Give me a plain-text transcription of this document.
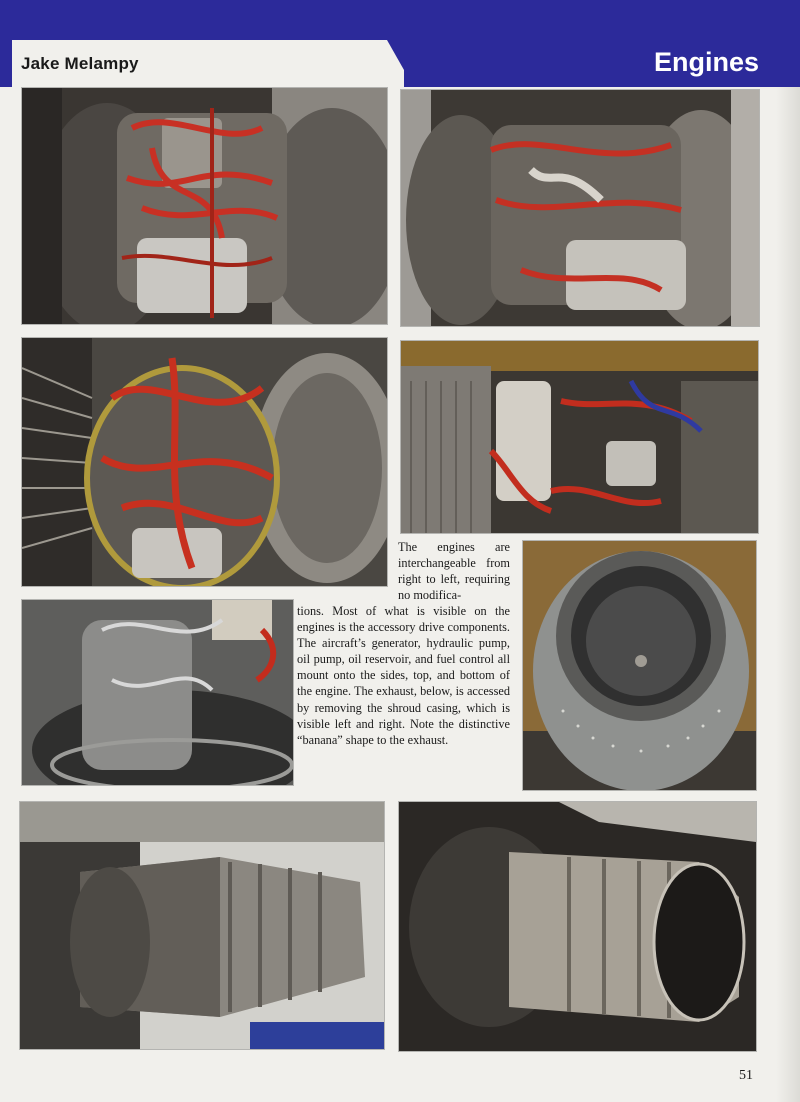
Jake Melampy	Engines
The engines are interchangeable from right to left, requiring no modifica-
tions. Most of what is visible on the engines is the accessory drive components. The aircraft’s generator, hydraulic pump, oil pump, oil reservoir, and fuel control all mount onto the sides, top, and bottom of the engine. The exhaust, below, is accessed by removing the shroud casing, which is visible left and right. Note the distinctive “banana” shape to the exhaust.
51
